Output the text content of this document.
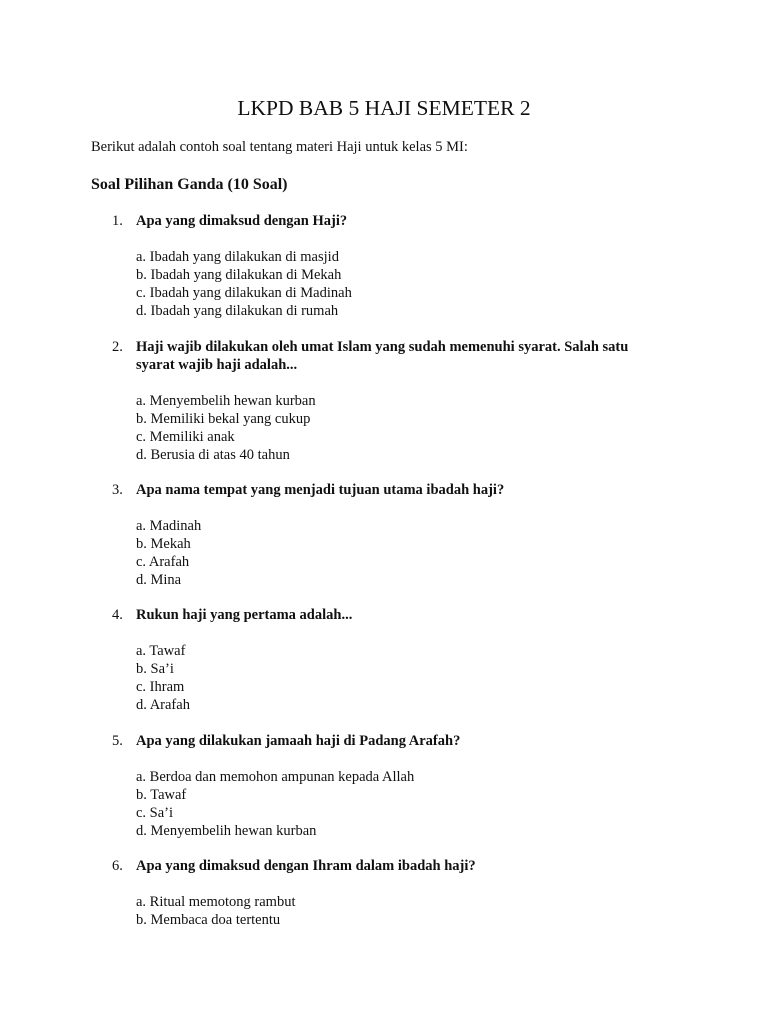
LKPD BAB 5 HAJI SEMETER 2
Berikut adalah contoh soal tentang materi Haji untuk kelas 5 MI:
Soal Pilihan Ganda (10 Soal)
1. Apa yang dimaksud dengan Haji?
a. Ibadah yang dilakukan di masjid
b. Ibadah yang dilakukan di Mekah
c. Ibadah yang dilakukan di Madinah
d. Ibadah yang dilakukan di rumah
2. Haji wajib dilakukan oleh umat Islam yang sudah memenuhi syarat. Salah satu
syarat wajib haji adalah...
a. Menyembelih hewan kurban
b. Memiliki bekal yang cukup
c. Memiliki anak
d. Berusia di atas 40 tahun
3. Apa nama tempat yang menjadi tujuan utama ibadah haji?
a. Madinah
b. Mekah
c. Arafah
d. Mina
4. Rukun haji yang pertama adalah...
a. Tawaf
b. Sa’i
c. Ihram
d. Arafah
5. Apa yang dilakukan jamaah haji di Padang Arafah?
a. Berdoa dan memohon ampunan kepada Allah
b. Tawaf
c. Sa’i
d. Menyembelih hewan kurban
6. Apa yang dimaksud dengan Ihram dalam ibadah haji?
a. Ritual memotong rambut
b. Membaca doa tertentu
